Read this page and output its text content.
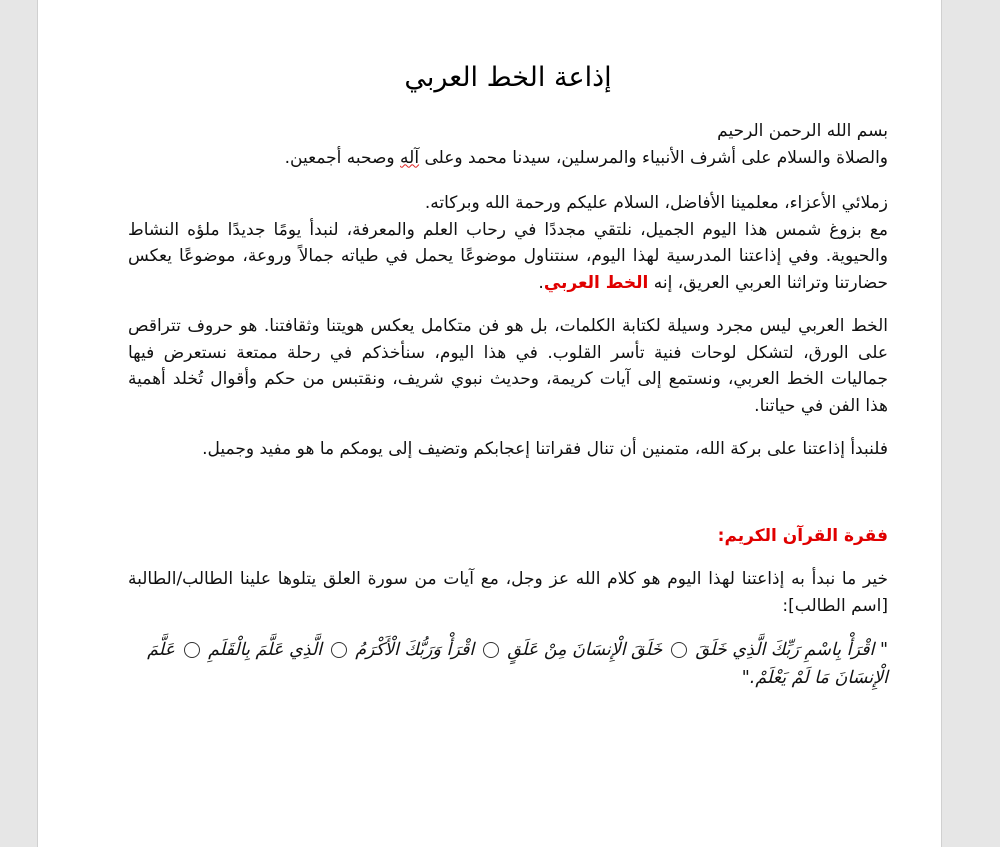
إذاعة الخط العربي

بسم الله الرحمن الرحيم
والصلاة والسلام على أشرف الأنبياء والمرسلين، سيدنا محمد وعلى آله وصحبه أجمعين.

زملائي الأعزاء، معلمينا الأفاضل، السلام عليكم ورحمة الله وبركاته.

مع بزوغ شمس هذا اليوم الجميل، نلتقي مجددًا في رحاب العلم والمعرفة، لنبدأ يومًا جديدًا ملؤه النشاط والحيوية. وفي إذاعتنا المدرسية لهذا اليوم، سنتناول موضوعًا يحمل في طياته جمالاً وروعة، موضوعًا يعكس حضارتنا وتراثنا العربي العريق، إنه الخط العربي.

الخط العربي ليس مجرد وسيلة لكتابة الكلمات، بل هو فن متكامل يعكس هويتنا وثقافتنا. هو حروف تتراقص على الورق، لتشكل لوحات فنية تأسر القلوب. في هذا اليوم، سنأخذكم في رحلة ممتعة نستعرض فيها جماليات الخط العربي، ونستمع إلى آيات كريمة، وحديث نبوي شريف، ونقتبس من حكم وأقوال تُخلد أهمية هذا الفن في حياتنا.

فلنبدأ إذاعتنا على بركة الله، متمنين أن تنال فقراتنا إعجابكم وتضيف إلى يومكم ما هو مفيد وجميل.

فقرة القرآن الكريم:

خير ما نبدأ به إذاعتنا لهذا اليوم هو كلام الله عز وجل، مع آيات من سورة العلق يتلوها علينا الطالب/الطالبة [اسم الطالب]:

" اقْرَأْ بِاسْمِ رَبِّكَ الَّذِي خَلَقَ  خَلَقَ الْإِنسَانَ مِنْ عَلَقٍ  اقْرَأْ وَرَبُّكَ الْأَكْرَمُ  الَّذِي عَلَّمَ بِالْقَلَمِ  عَلَّمَ الْإِنسَانَ مَا لَمْ يَعْلَمْ."
